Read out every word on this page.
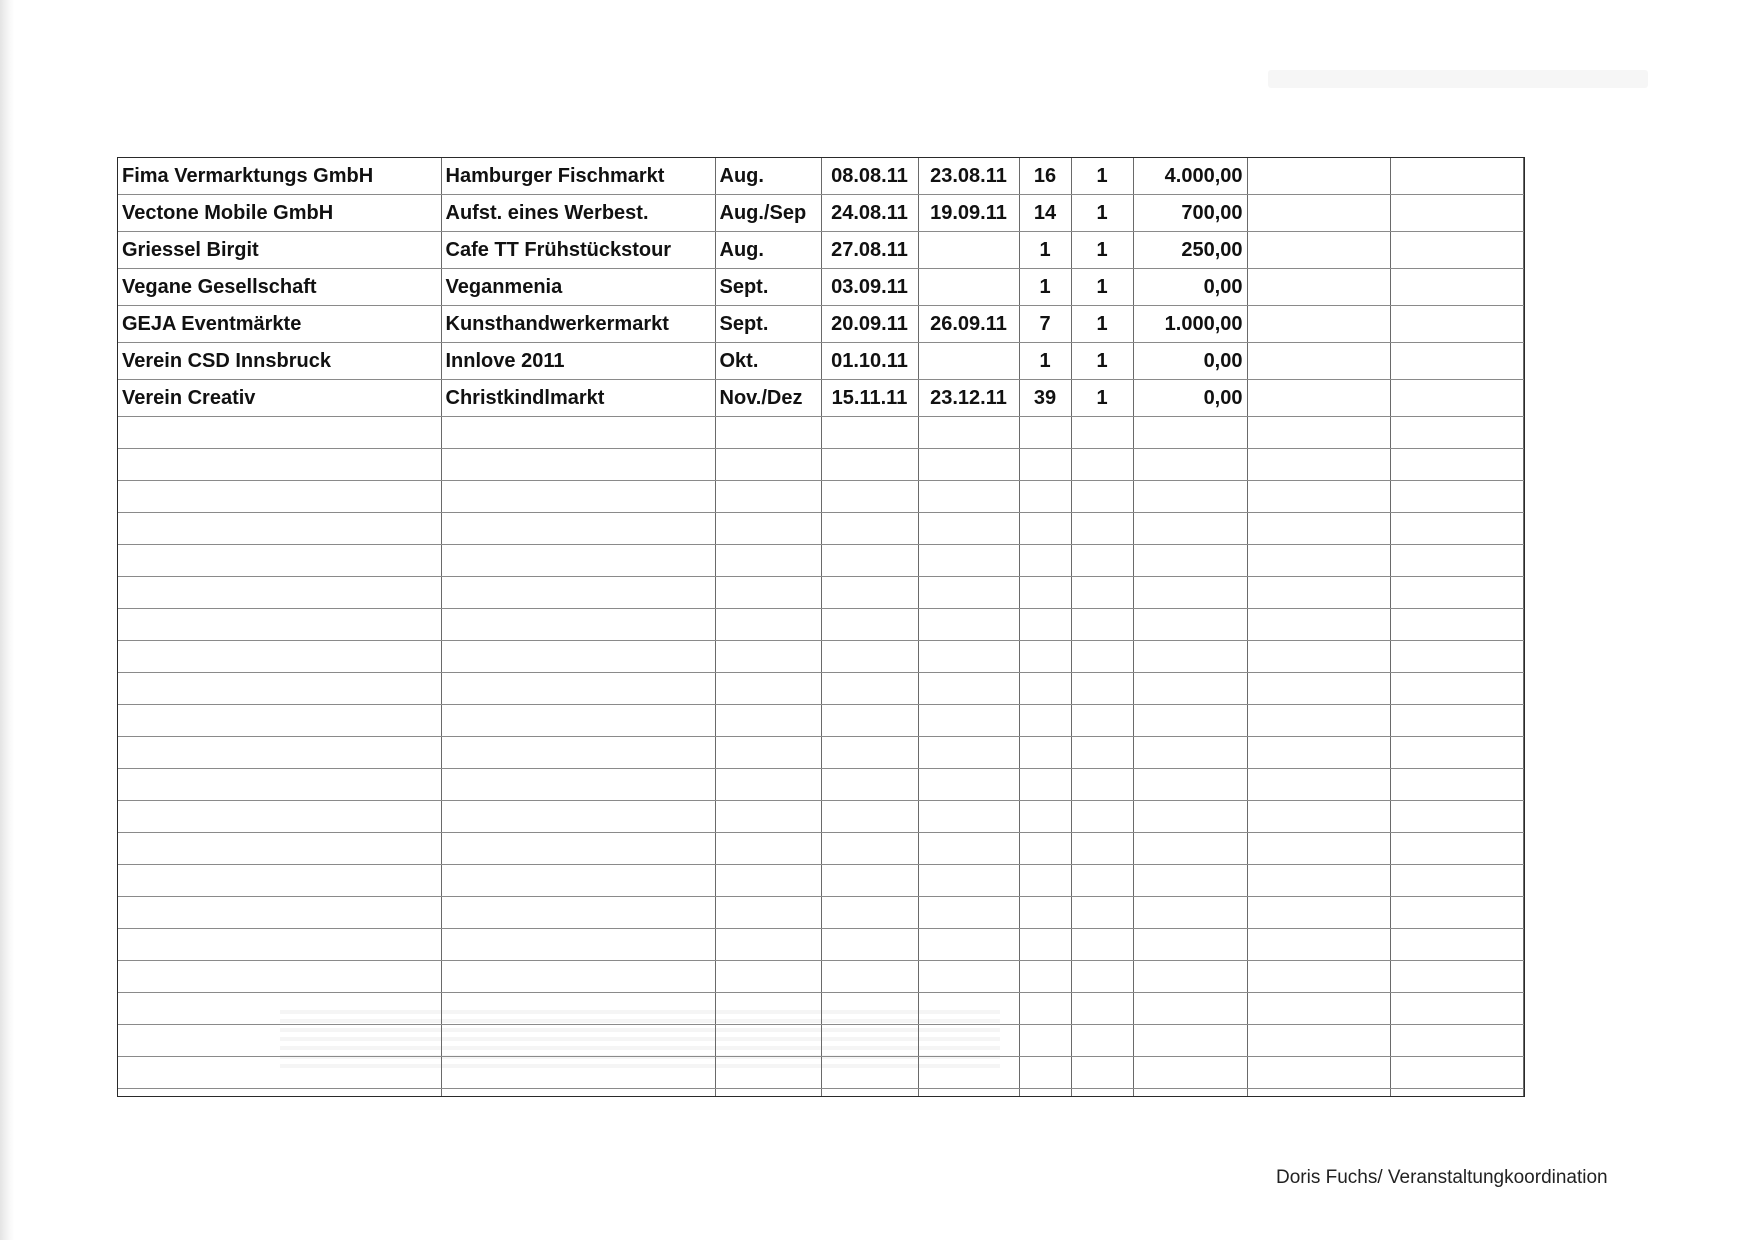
Fima Vermarktungs GmbH	Hamburger Fischmarkt	Aug.	08.08.11	23.08.11	16	1	4.000,00		
Vectone Mobile GmbH	Aufst. eines Werbest.	Aug./Sep	24.08.11	19.09.11	14	1	700,00		
Griessel Birgit	Cafe TT Frühstückstour	Aug.	27.08.11		1	1	250,00		
Vegane Gesellschaft	Veganmenia	Sept.	03.09.11		1	1	0,00		
GEJA Eventmärkte	Kunsthandwerkermarkt	Sept.	20.09.11	26.09.11	7	1	1.000,00		
Verein CSD Innsbruck	Innlove 2011	Okt.	01.10.11		1	1	0,00		
Verein Creativ	Christkindlmarkt	Nov./Dez	15.11.11	23.12.11	39	1	0,00		

Doris Fuchs/ Veranstaltungkoordination
